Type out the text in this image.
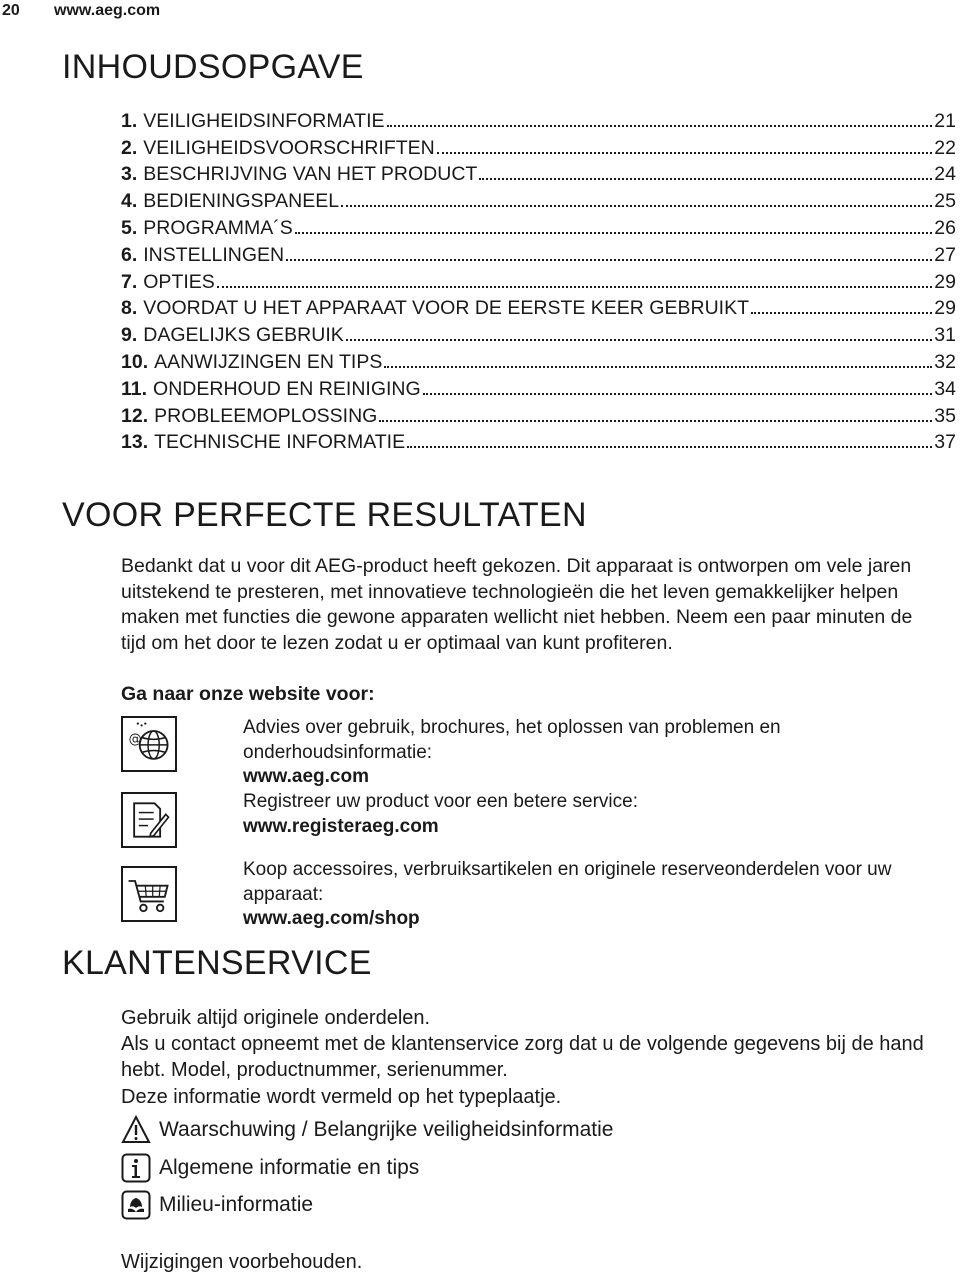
20	www.aeg.com
INHOUDSOPGAVE
1. VEILIGHEIDSINFORMATIE	21
2. VEILIGHEIDSVOORSCHRIFTEN	22
3. BESCHRIJVING VAN HET PRODUCT	24
4. BEDIENINGSPANEEL	25
5. PROGRAMMA´S	26
6. INSTELLINGEN	27
7. OPTIES	29
8. VOORDAT U HET APPARAAT VOOR DE EERSTE KEER GEBRUIKT	29
9. DAGELIJKS GEBRUIK	31
10. AANWIJZINGEN EN TIPS	32
11. ONDERHOUD EN REINIGING	34
12. PROBLEEMOPLOSSING	35
13. TECHNISCHE INFORMATIE	37
VOOR PERFECTE RESULTATEN

Bedankt dat u voor dit AEG-product heeft gekozen. Dit apparaat is ontworpen om vele jaren uitstekend te presteren, met innovatieve technologieën die het leven gemakkelijker helpen maken met functies die gewone apparaten wellicht niet hebben. Neem een paar minuten de tijd om het door te lezen zodat u er optimaal van kunt profiteren.

Ga naar onze website voor:

@
Advies over gebruik, brochures, het oplossen van problemen en onderhoudsinformatie:
www.aeg.com
Registreer uw product voor een betere service:
www.registeraeg.com
Koop accessoires, verbruiksartikelen en originele reserveonderdelen voor uw apparaat:
www.aeg.com/shop
KLANTENSERVICE

Gebruik altijd originele onderdelen.
Als u contact opneemt met de klantenservice zorg dat u de volgende gegevens bij de hand hebt. Model, productnummer, serienummer.
Deze informatie wordt vermeld op het typeplaatje.

Waarschuwing / Belangrijke veiligheidsinformatie
Algemene informatie en tips
Milieu-informatie

Wijzigingen voorbehouden.
